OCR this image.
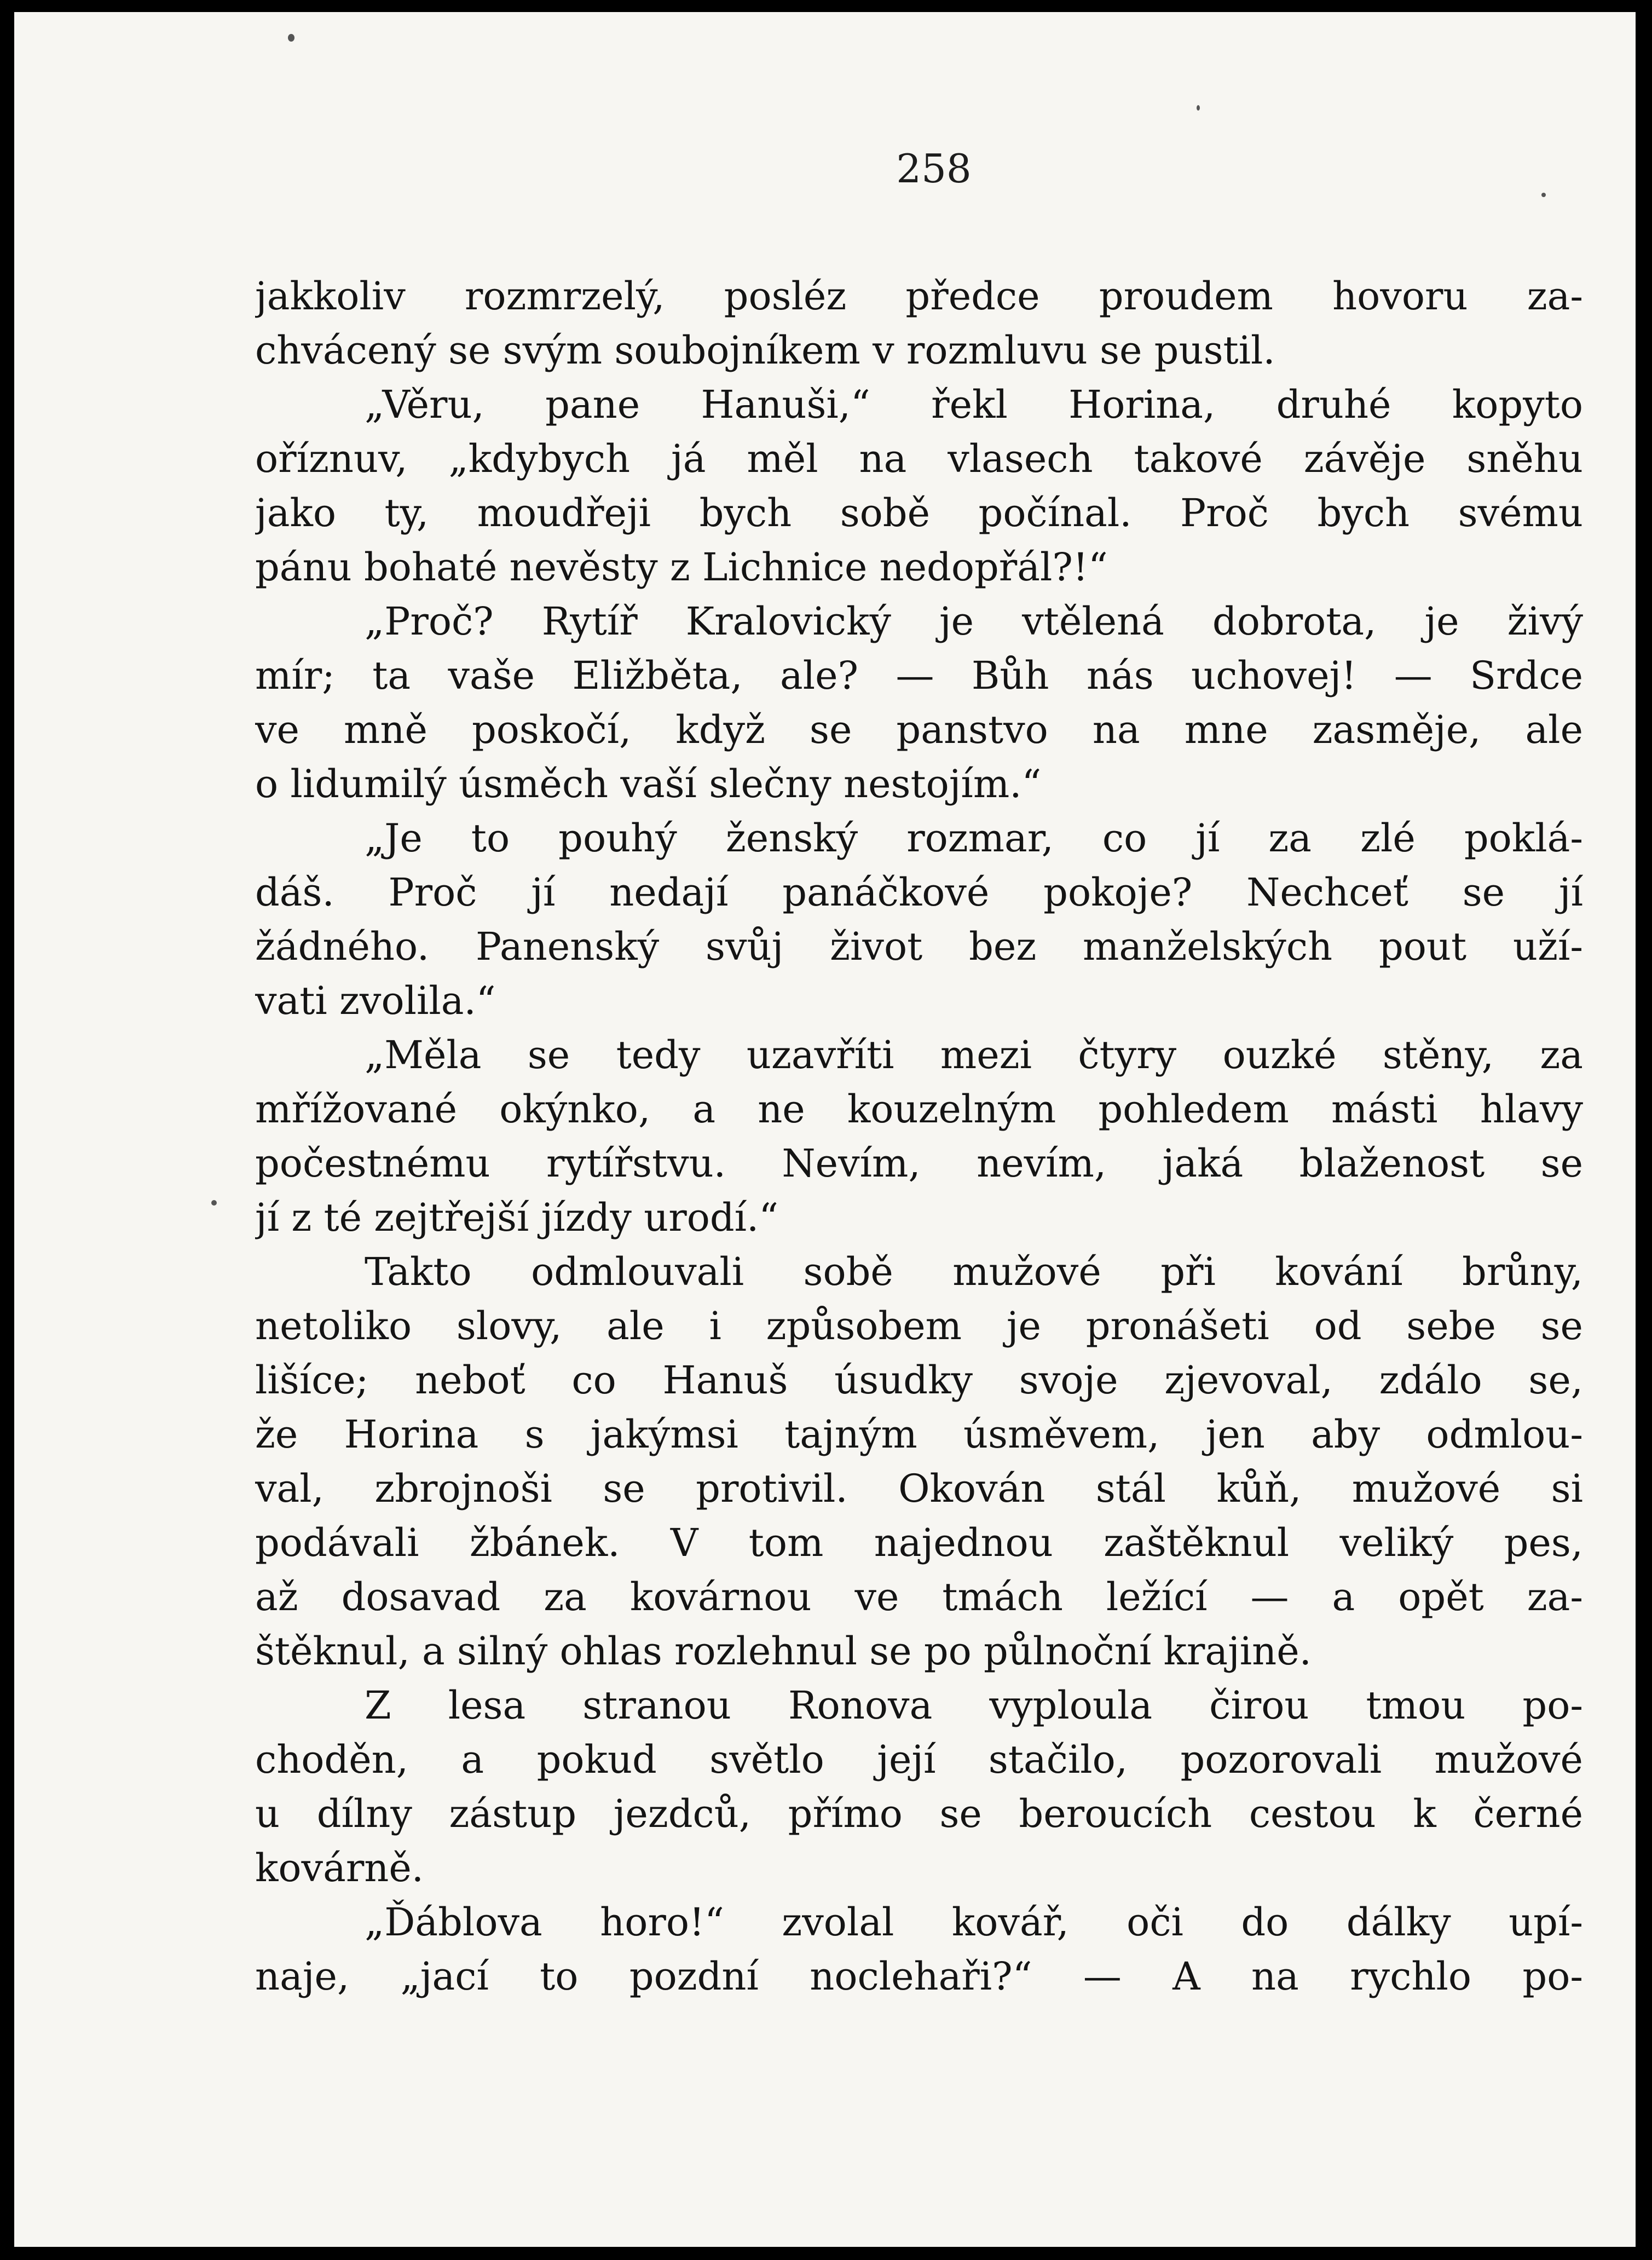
258
jakkoliv rozmrzelý, posléz předce proudem hovoru za-
chvácený se svým soubojníkem v rozmluvu se pustil.
„Věru, pane Hanuši,“ řekl Horina, druhé kopyto
oříznuv, „kdybych já měl na vlasech takové závěje sněhu
jako ty, moudřeji bych sobě počínal. Proč bych svému
pánu bohaté nevěsty z Lichnice nedopřál?!“
„Proč? Rytíř Kralovický je vtělená dobrota, je živý
mír; ta vaše Eližběta, ale? — Bůh nás uchovej! — Srdce
ve mně poskočí, když se panstvo na mne zasměje, ale
o lidumilý úsměch vaší slečny nestojím.“
„Je to pouhý ženský rozmar, co jí za zlé poklá-
dáš. Proč jí nedají panáčkové pokoje? Nechceť se jí
žádného. Panenský svůj život bez manželských pout uží-
vati zvolila.“
„Měla se tedy uzavříti mezi čtyry ouzké stěny, za
mřížované okýnko, a ne kouzelným pohledem másti hlavy
počestnému rytířstvu. Nevím, nevím, jaká blaženost se
jí z té zejtřejší jízdy urodí.“
Takto odmlouvali sobě mužové při kování brůny,
netoliko slovy, ale i způsobem je pronášeti od sebe se
lišíce; neboť co Hanuš úsudky svoje zjevoval, zdálo se,
že Horina s jakýmsi tajným úsměvem, jen aby odmlou-
val, zbrojnoši se protivil. Okován stál kůň, mužové si
podávali žbánek. V tom najednou zaštěknul veliký pes,
až dosavad za kovárnou ve tmách ležící — a opět za-
štěknul, a silný ohlas rozlehnul se po půlnoční krajině.
Z lesa stranou Ronova vyploula čirou tmou po-
choděn, a pokud světlo její stačilo, pozorovali mužové
u dílny zástup jezdců, přímo se beroucích cestou k černé
kovárně.
„Ďáblova horo!“ zvolal kovář, oči do dálky upí-
naje, „jací to pozdní noclehaři?“ — A na rychlo po-
